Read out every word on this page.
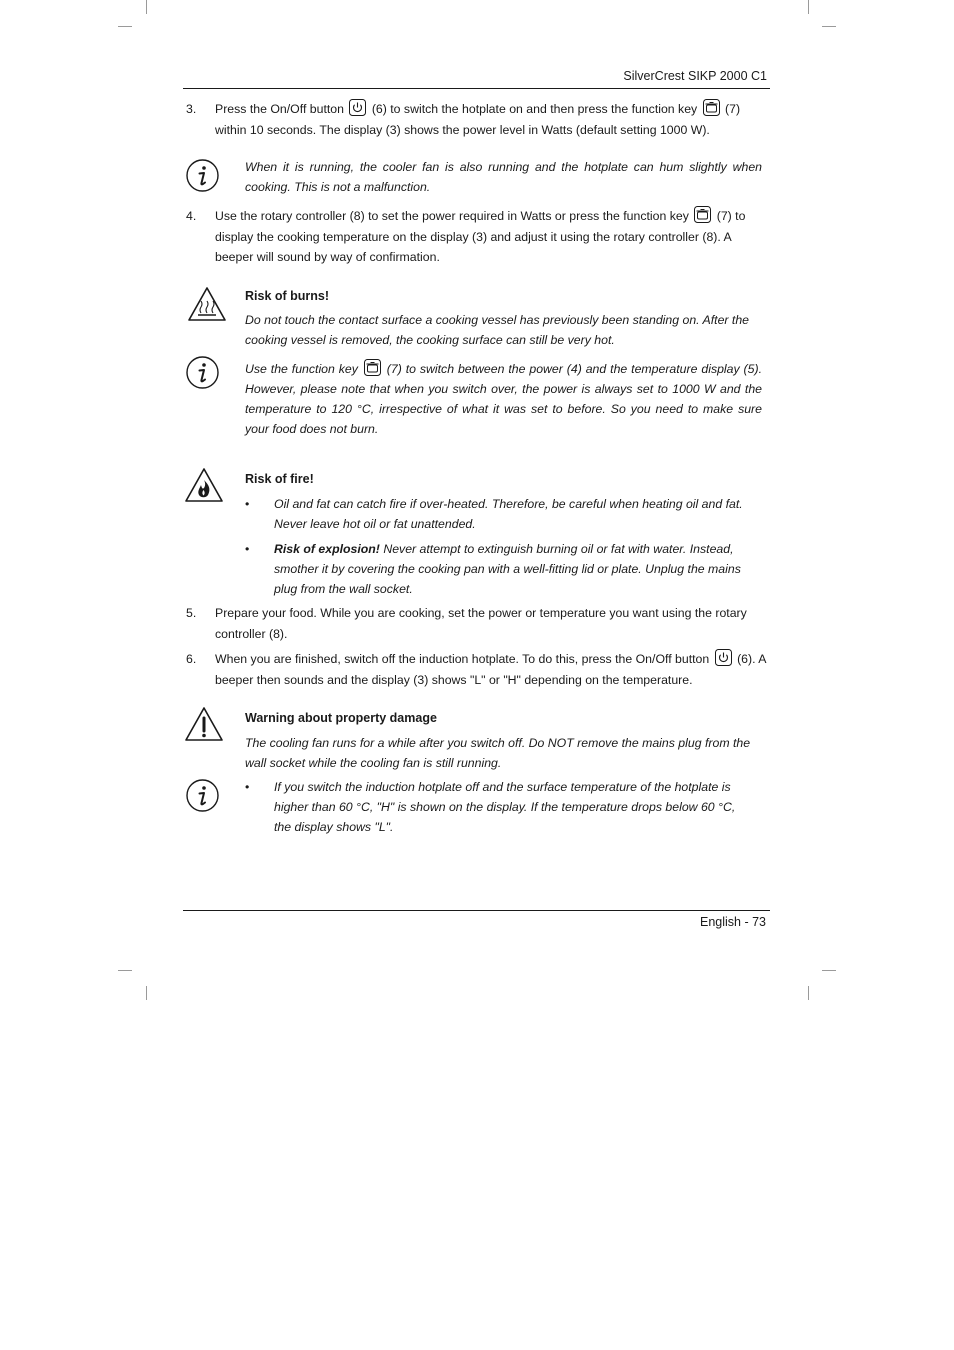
SilverCrest SIKP 2000 C1
3. Press the On/Off button (6) to switch the hotplate on and then press the function key (7) within 10 seconds. The display (3) shows the power level in Watts (default setting 1000 W).
When it is running, the cooler fan is also running and the hotplate can hum slightly when cooking. This is not a malfunction.
4. Use the rotary controller (8) to set the power required in Watts or press the function key (7) to display the cooking temperature on the display (3) and adjust it using the rotary controller (8). A beeper will sound by way of confirmation.
Risk of burns!
Do not touch the contact surface a cooking vessel has previously been standing on. After the cooking vessel is removed, the cooking surface can still be very hot.
Use the function key (7) to switch between the power (4) and the temperature display (5). However, please note that when you switch over, the power is always set to 1000 W and the temperature to 120 °C, irrespective of what it was set to before. So you need to make sure your food does not burn.
Risk of fire!
• Oil and fat can catch fire if over-heated. Therefore, be careful when heating oil and fat. Never leave hot oil or fat unattended.
• Risk of explosion! Never attempt to extinguish burning oil or fat with water. Instead, smother it by covering the cooking pan with a well-fitting lid or plate. Unplug the mains plug from the wall socket.
5. Prepare your food. While you are cooking, set the power or temperature you want using the rotary controller (8).
6. When you are finished, switch off the induction hotplate. To do this, press the On/Off button (6). A beeper then sounds and the display (3) shows "L" or "H" depending on the temperature.
Warning about property damage
The cooling fan runs for a while after you switch off. Do NOT remove the mains plug from the wall socket while the cooling fan is still running.
• If you switch the induction hotplate off and the surface temperature of the hotplate is higher than 60 °C, "H" is shown on the display. If the temperature drops below 60 °C, the display shows "L".
English - 73
